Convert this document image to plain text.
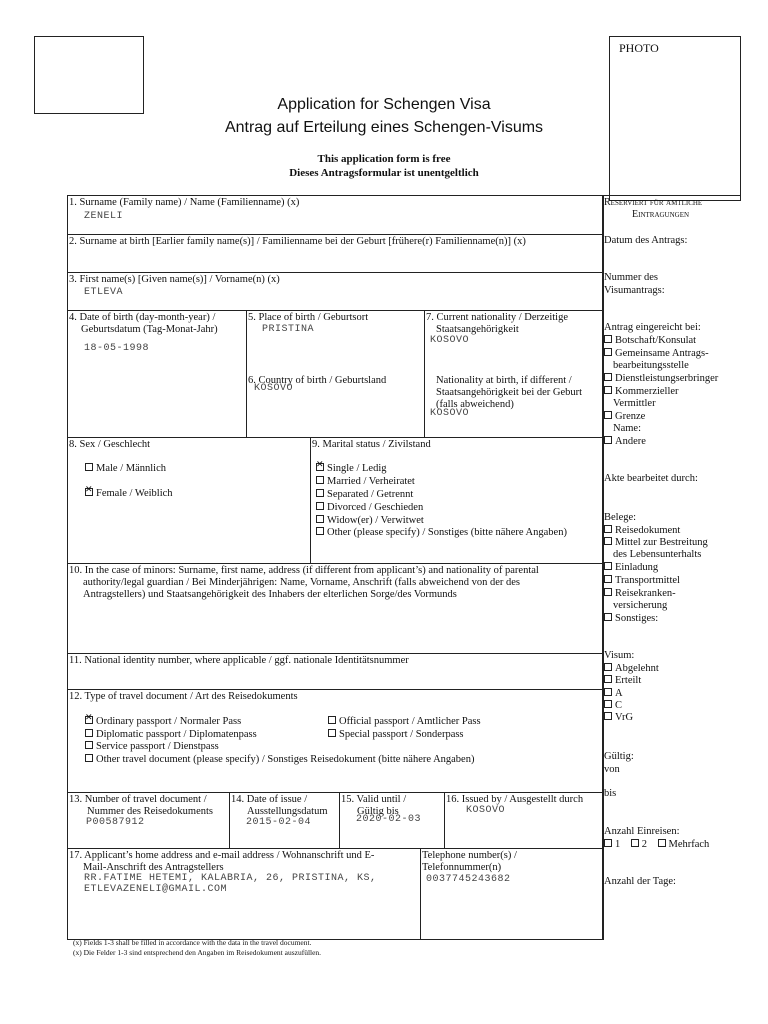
PHOTO
Application for Schengen Visa
Antrag auf Erteilung eines Schengen-Visums
This application form is free
Dieses Antragsformular ist unentgeltlich
1. Surname (Family name) / Name (Familienname) (x)
ZENELI
2. Surname at birth [Earlier family name(s)] / Familienname bei der Geburt [frühere(r) Familienname(n)] (x)
3. First name(s) [Given name(s)] / Vorname(n) (x)
ETLEVA
4. Date of birth (day-month-year) /
Geburtsdatum (Tag-Monat-Jahr)
18-05-1998
5. Place of birth / Geburtsort
PRISTINA
6. Country of birth / Geburtsland
KOSOVO
7. Current nationality / Derzeitige
Staatsangehörigkeit
KOSOVO
Nationality at birth, if different /
Staatsangehörigkeit bei der Geburt
(falls abweichend)
KOSOVO
8. Sex / Geschlecht
Male / Männlich
✕Female / Weiblich
9. Marital status / Zivilstand
✕Single / Ledig
Married / Verheiratet
Separated / Getrennt
Divorced / Geschieden
Widow(er) / Verwitwet
Other (please specify) / Sonstiges (bitte nähere Angaben)
10. In the case of minors: Surname, first name, address (if different from applicant’s) and nationality of parental
authority/legal guardian / Bei Minderjährigen: Name, Vorname, Anschrift (falls abweichend von der des
Antragstellers) und Staatsangehörigkeit des Inhabers der elterlichen Sorge/des Vormunds
11. National identity number, where applicable / ggf. nationale Identitätsnummer
12. Type of travel document / Art des Reisedokuments
✕Ordinary passport / Normaler Pass	Official passport / Amtlicher Pass
Diplomatic passport / Diplomatenpass	Special passport / Sonderpass
Service passport / Dienstpass
Other travel document (please specify) / Sonstiges Reisedokument (bitte nähere Angaben)
13. Number of travel document /
Nummer des Reisedokuments
P00587912
14. Date of issue /
Ausstellungsdatum
2015-02-04
15. Valid until /
Gültig bis
2020-02-03
16. Issued by / Ausgestellt durch
KOSOVO
17. Applicant’s home address and e-mail address / Wohnanschrift und E-
Mail-Anschrift des Antragstellers
RR.FATIME HETEMI, KALABRIA, 26, PRISTINA, KS,
ETLEVAZENELI@GMAIL.COM
Telephone number(s) /
Telefonnummer(n)
0037745243682
(x) Fields 1-3 shall be filled in accordance with the data in the travel document.
(x) Die Felder 1-3 sind entsprechend den Angaben im Reisedokument auszufüllen.
Reserviert für amtliche
Eintragungen
Datum des Antrags:
Nummer des
Visumantrags:
Antrag eingereicht bei:
Botschaft/Konsulat
Gemeinsame Antrags-
bearbeitungsstelle
Dienstleistungserbringer
Kommerzieller
Vermittler
Grenze
Name:
Andere
Akte bearbeitet durch:
Belege:
Reisedokument
Mittel zur Bestreitung
des Lebensunterhalts
Einladung
Transportmittel
Reisekranken-
versicherung
Sonstiges:
Visum:
Abgelehnt
Erteilt
A
C
VrG
Gültig:
von
bis
Anzahl Einreisen:
1 2 Mehrfach
Anzahl der Tage:
